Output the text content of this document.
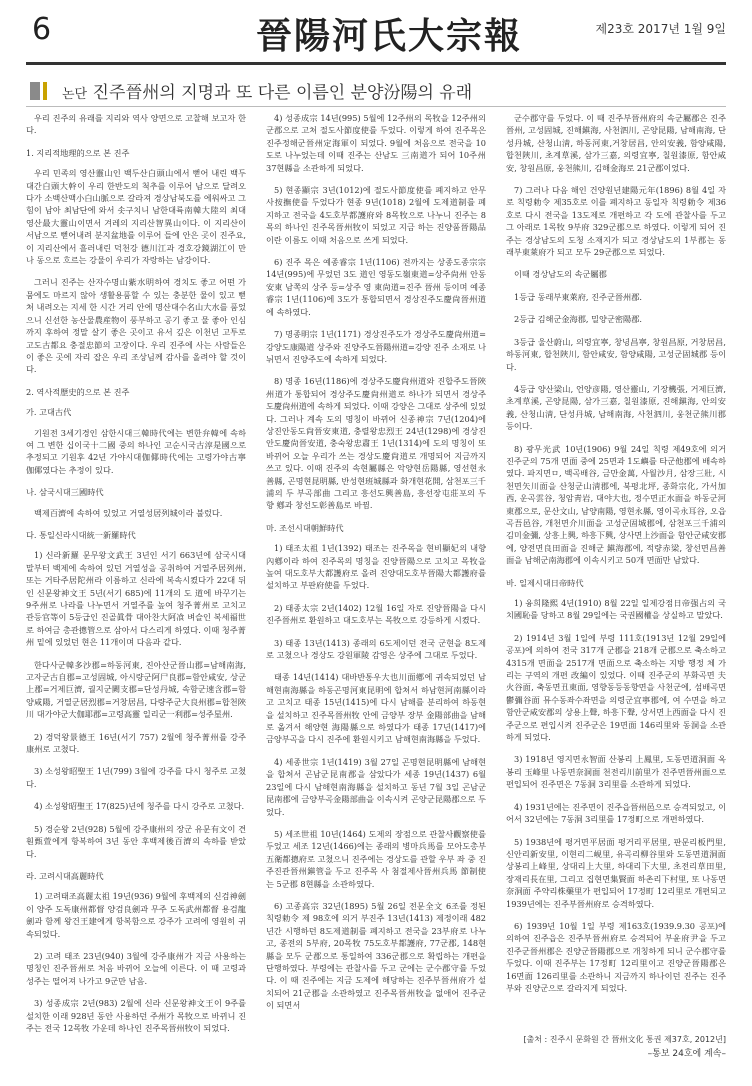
6	晉陽河氏大宗報	제23호 2017년 1월 9일
논단 진주晉州의 지명과 또 다른 이름인 분양汾陽의 유래

우리 진주의 유래를 지리와 역사 양면으로 고찰해 보고자 한다.

1. 지리적地理的으로 본 진주

우리 민족의 영산靈山인 백두산白頭山에서 뻗어 내린 백두대간白頭大幹이 우리 한반도의 척추를 이루어 남으로 달려오다가 소백산맥小白山脈으로 갈라져 경상남북도를 에워싸고 그 힘이 남아 최남단에 와서 솟구치니 남한대륙南韓大陸의 최대 영산最大靈山이면서 겨레의 지리산智異山이다. 이 지리산이 서남으로 뻗어내려 분지盆地를 이루어 들에 안은 곳이 진주요, 이 지리산에서 흘러내린 덕천강 德川江과 경호강鏡湖江이 만나 동으로 흐르는 강물이 우리가 자랑하는 남강이다.

그러니 진주는 산자수명山紫水明하여 경치도 좋고 어떤 가뭄에도 마르지 않아 생활용품할 수 있는 충분한 물이 있고 뻗쳐 내려오는 지세 한 시간 거리 안에 명산대수名山大水를 품었으니 신선한 농산물農産物이 풍부하고 공기 좋고 물 좋아 인심까지 후하여 정말 살기 좋은 곳이고 유서 깊은 이천년 고투로 고도古都요 충절忠節의 고장이다. 우리 진주에 사는 사람들은 이 좋은 곳에 자리 잡은 우리 조상님께 감사를 올려야 할 것이다.

2. 역사적歷史的으로 본 진주

가. 고대古代

기원전 3세기경인 삼한시대三韓時代에는 변한弁韓에 속하여 그 변한 십이국十二國 중의 하나인 고순시국古淳是國으로 추정되고 기원후 42년 가야시대伽倻時代에는 고령가야古寧伽倻였다는 추정이 있다.

나. 삼국시대三國時代

백제百濟에 속하여 있었고 거열성居列城이라 불렀다.

다. 통일신라시대統一新羅時代

1) 신라新羅 문무왕文武王 3년인 서기 663년에 삼국시대 말부터 백제에 속하여 있던 거열성을 공취하여 거열주居列州, 또는 거타주居陀州라 이름하고 신라에 복속시켰다가 22대 뒤인 신문왕神文王 5년(서기 685)에 11개의 도 道에 바꾸기는 9주州로 나라를 나누면서 거열주를 높여 청주菁州로 고치고 관등官等이 5등급인 진골眞骨 대아찬大阿飡 벼슬인 복세福世로 하여금 총관摠管으로 삼아서 다스리게 하였다. 이때 청주菁州 밑에 있었던 현은 11개이며 다음과 같다.

한다사군韓多沙郡=하동河東, 진아산군晉山郡=남해南海, 고자군古自郡=고성固城, 아시량군阿尸良郡=함안咸安, 상군上郡=거제巨濟, 궐지군闕支郡=단성丹城, 속함군速含郡=함양咸陽, 거열군居烈郡=거창居昌, 다량주군大良州郡=합천陜川 대가야군大伽耶郡=고령高靈 일리군一利郡=성주星州.

2) 경덕왕景德王 16년(서기 757) 2월에 청주菁州를 강주康州로 고쳤다.

3) 소성왕昭聖王 1년(799) 3월에 강주를 다시 청주로 고쳤다.

4) 소성왕昭聖王 17(825)년에 청주를 다시 강주로 고쳤다.

5) 경순왕 2년(928) 5월에 강주康州의 장군 유문有文이 견훤甄萱에게 항복하여 3년 동안 후백제後百濟의 속하를 받았다.

라. 고려시대高麗時代

1) 고려태조高麗太祖 19년(936) 9월에 후백제의 신검神劍이 양주 도독康州都督 양검良劍과 무주 도독武州都督 용검龍劍과 함께 왕건王建에게 항복함으로 강주가 고려에 영원히 귀속되었다.

2) 고려 태조 23년(940) 3월에 강주康州가 지금 사용하는 명칭인 진주晉州로 처음 바뀌어 오늘에 이른다. 이 때 고령과 성주는 떨어져 나가고 9군만 남음.

3) 성종成宗 2년(983) 2월에 신라 신문왕神文王이 9주를 설치한 이래 928년 동안 사용하던 주州가 목牧으로 바뀌니 진주는 전국 12목牧 가운데 하나인 진주목晉州牧이 되었다.

4) 성종成宗 14년(995) 5월에 12주州의 목牧을 12주州의 군郡으로 고쳐 절도사節度使를 두었다. 이렇게 하여 진주목은 진주정해군晉州定海軍이 되었다. 9월에 처음으로 전국을 10도로 나누었는데 이때 진주는 산남도 三南道가 되어 10주州 37현縣을 소관하게 되었다.

5) 현종顯宗 3년(1012)에 절도사節度使를 폐지하고 안무사按撫使를 두었다가 현종 9년(1018) 2월에 도제道制를 폐지하고 전국을 4도호부都護府와 8목牧으로 나누니 진주는 8목의 하나인 진주목晉州牧이 되었고 지금 하는 진양품晉陽品이란 이름도 이때 처음으로 쓰게 되었다.

6) 진주 목은 예종睿宗 1년(1106) 전까지는 상종도종宗宗 14년(995)에 무었던 3도 道인 영동도嶺東道=상주尙州 안동安東 남쪽의 상주 등=상주 영 東尙道=진주 晉州 등이며 예종睿宗 1년(1106)에 3도가 통합되면서 경상진주도慶尙晉州道에 속하였다.

7) 명종明宗 1년(1171) 경상진주도가 경상주도慶尙州道=강양도康陽道 상주와 진양주도晉陽州道=강양 진주 소재로 나뉘면서 진양주도에 속하게 되었다.

8) 명종 16년(1186)에 경상주도慶尙州道와 진합주도晉陜州道가 통합되어 경상주도慶尙州道로 하나가 되면서 경상주도慶尙州道에 속하게 되었다. 이때 강양은 그대로 상주에 있었다. 그러나 계속 도의 명칭이 바뀌어 신종神宗 7년(1204)에 상진안동도尙晉安東道, 충렬왕忠烈王 24년(1298)에 경상진안도慶尙晉安道, 충숙왕忠肅王 1년(1314)에 도의 명칭이 또 바뀌어 오늘 우리가 쓰는 경상도慶尙道로 개명되어 지금까지 쓰고 있다. 이때 진주의 속현屬縣은 악양현岳陽縣, 영선현永善縣, 곤명현昆明縣, 반성현班城縣과 화개현花開, 삼천포三千浦의 두 부곡部曲 그리고 흥선도興善島, 흥선장屯莊포의 두 향 鄕과 창선도彰善島로 바뀜.

마. 조선시대朝鮮時代

1) 태조太祖 1년(1392) 태조는 진주목을 현비顯妃의 내향內鄕이라 하여 진주목의 명칭을 진양晉陽으로 고치고 목牧을 높여 대도호부大都護府로 올려 진양대도호부晉陽大都護府를 설치하고 부판府使를 두었다.

2) 태종太宗 2년(1402) 12월 16일 자로 진양晉陽을 다시 진주晉州로 환원하고 대도호부는 목牧으로 강등하게 시켰다.

3) 태종 13년(1413) 종래의 6도제이던 전국 군현을 8도제로 고쳤으나 경상도 강원軍陵 감영은 상주에 그대로 두었다.

태종 14년(1414) 대바반통우大也川面鄕에 귀속되었던 남해현南海縣을 하동곤명河東昆明에 합쳐서 하남현河南縣이라고 고치고 태종 15년(1415)에 다시 남해를 분리하여 하동현을 설치하고 진주목晉州牧 안에 금양부 장부 金陽部曲을 남해로 옮겨서 해양현 海陽縣으로 하였다가 태종 17년(1417)에 금양부곡을 다시 진주에 환원시키고 남해현南海縣을 두었다.

4) 세종世宗 1년(1419) 3월 27일 곤명현昆明縣에 남해현을 합쳐서 곤남군昆南郡을 삼았다가 세종 19년(1437) 6월 23일에 다시 남해현南海縣을 설치하고 동년 7월 3일 곤남군昆南郡에 금양부곡金陽部曲을 이속시켜 곤양군昆陽郡으로 두었다.

5) 세조世祖 10년(1464) 도제의 장점으로 관찰사觀察使를 두었고 세조 12년(1466)에는 종래의 병마兵馬를 모아도총부五衛都摠府로 고쳤으니 진주에는 경상도를 관할 우부 좌 중 진주진관晉州鎭管을 두고 진주목 사 첨절제사晉州兵馬 節制使는 5군郡 8현縣을 소관하였다.

6) 고종高宗 32년(1895) 5월 26일 전문全文 6조를 정된 칙령勅令 제 98호에 의거 부진주 13년(1413) 제정이래 482년간 시행하던 8도제道制를 폐지하고 전국을 23부府로 나누고, 종전의 5부府, 20목牧 75도호부都護府, 77군郡, 148현縣을 모두 군郡으로 통일하여 336군郡으로 확립하는 개편을 단행하였다. 부령에는 관찰사를 두고 군에는 군수郡守를 두었다. 이 때 진주에는 지금 도제에 해당하는 진주부晉州府가 설치되어 21군郡을 소관하였고 진주목晉州牧을 없애어 진주군이 되면서

군수郡守를 두었다. 이 때 진주부晉州府의 속군屬郡은 진주晉州, 고성固城, 진해鎭海, 사천泗川, 곤양昆陽, 남해南海, 단성丹城, 산청山淸, 하동河東,거창居昌, 안의安義, 함양咸陽, 합천陜川, 초계草溪, 삼가三嘉, 의령宜寧, 칠원漆原, 함안咸安, 창원昌原, 웅천熊川, 김해金海로 21군郡이었다.

7) 그러나 다음 해인 건양원년建陽元年(1896) 8월 4일 자로 칙령勅令 제35호로 이를 폐지하고 동일자 칙령勅令 제36호로 다시 전국을 13도제로 개편하고 각 도에 관찰사를 두고 그 아래로 1목牧 9부府 329군郡으로 하였다. 이렇게 되어 진주는 경상남도의 도청 소재지가 되고 경상남도의 1부郡는 동래부東萊府가 되고 모두 29군郡으로 되었다.

이때 경상남도의 속군屬郡

1등급 동래부東萊府, 진주군晉州郡.

2등급 김해군金海郡, 밀양군密陽郡.

3등급 울산蔚山, 의령宜寧, 창녕昌寧, 창원昌原, 거창居昌, 하동河東, 합천陜川, 함안咸安, 함양咸陽, 고성군固城郡 등이다.

4등급 양산梁山, 언양彦陽, 영산靈山, 기장機張, 거제巨濟, 초계草溪, 곤양昆陽, 삼가三嘉, 칠원漆原, 진해鎭海, 안의安義, 산청山淸, 단성丹城, 남해南海, 사천泗川, 웅천군熊川郡 등이다.

8) 광무光武 10년(1906) 9월 24일 칙령 제49호에 의거 진주군의 75개 면面 중에 25면과 1도嶼를 타군他郡에 배속하였다. 파지면ㅁ, 백곡배谷, 금만金萬, 사월沙月, 삼장三壯, 시천면矢川面을 산청군山淸郡에, 북평北坪, 종화宗化, 가서加西, 운곡雲谷, 청암靑岩, 대야大也, 정수면正水面을 하동군河東郡으로, 문산文山, 남양南陽, 영현永縣, 영이곡永耳谷, 오읍곡吾邑谷, 개천면介川面을 고성군固城郡에, 삼천포三千浦의 김미金彌, 상흥上興, 하흥下興, 상사면上沙面을 함안군咸安郡에, 양전면良田面을 진해군 鎭海郡에, 적량赤梁, 창선면昌善面을 남해군南海郡에 이속시키고 50개 면面만 남았다.

바. 일제시대日帝時代

1) 융희隆熙 4년(1910) 8월 22일 일제강점日帝强占의 국치國恥를 당하고 8월 29일에는 국권國權을 상실하고 말았다.

2) 1914년 3월 1일에 부령 111호(1913년 12월 29일에 공포)에 의하여 전국 317개 군郡을 218개 군郡으로 축소하고 4315개 면面을 2517개 면面으로 축소하는 지방 행정 체 가리는 구역의 개편 改編이 있었다. 이때 진주군의 부화곡면 夫火谷面, 축동면丑東面, 영향동등동향면을 사천군에, 섬배곡면鬱彌谷面 뮤수동좌수좌면을 의령군宜寧郡에, 여 수면을 하고 함안군咸安郡의 상용上聲, 하흥下聲, 상서면上西面을 다시 진주군으로 편입시켜 진주군은 19면面 146리里와 동洞을 소관하게 되었다.

3) 1918년 영지면永智面 산봉리 上鳳里, 도동면道洞面 옥봉리 玉峰里 나동면奈洞面 천전리川前里가 진주면晉州面으로 편입되어 진주면은 7동洞 3리里를 소관하게 되었다.

4) 1931년에는 진주면이 진주읍晉州邑으로 승격되었고, 이어서 32년에는 7동洞 3리里를 17정町으로 개편하였다.

5) 1938년에 평거면平居面 평거리平居里, 판문리板門里, 신안리新安里, 이현리二峴里, 유곡리柳谷里와 도동면道洞面 상봉리上峰里, 상대리上大里, 하대리下大里, 초전리草田里, 장재리長在里, 그리고 집현면集賢面 하촌리下村里, 또 나동면奈洞面 주약리株藥里가 편입되어 17정町 12리里로 개편되고 1939년에는 진주부晉州府로 승격하였다.

6) 1939년 10월 1일 부령 제163호(1939.9.30 공포)에 의하여 진주읍은 진주부晉州府로 승격되어 부윤府尹을 두고 진주군晉州郡은 진양군晉陽郡으로 개칭하게 되니 군수郡守를 두었다. 이때 진주부는 17정町 12리里이고 진양군晉陽郡은 16면面 126리里를 소관하니 지금까지 하나이던 진주는 진주부와 진양군으로 갈라지게 되었다.

[출처 : 진주시 문화원 간 晉州文化 통권 제37호, 2012년]
–통보 24호에 계속–
